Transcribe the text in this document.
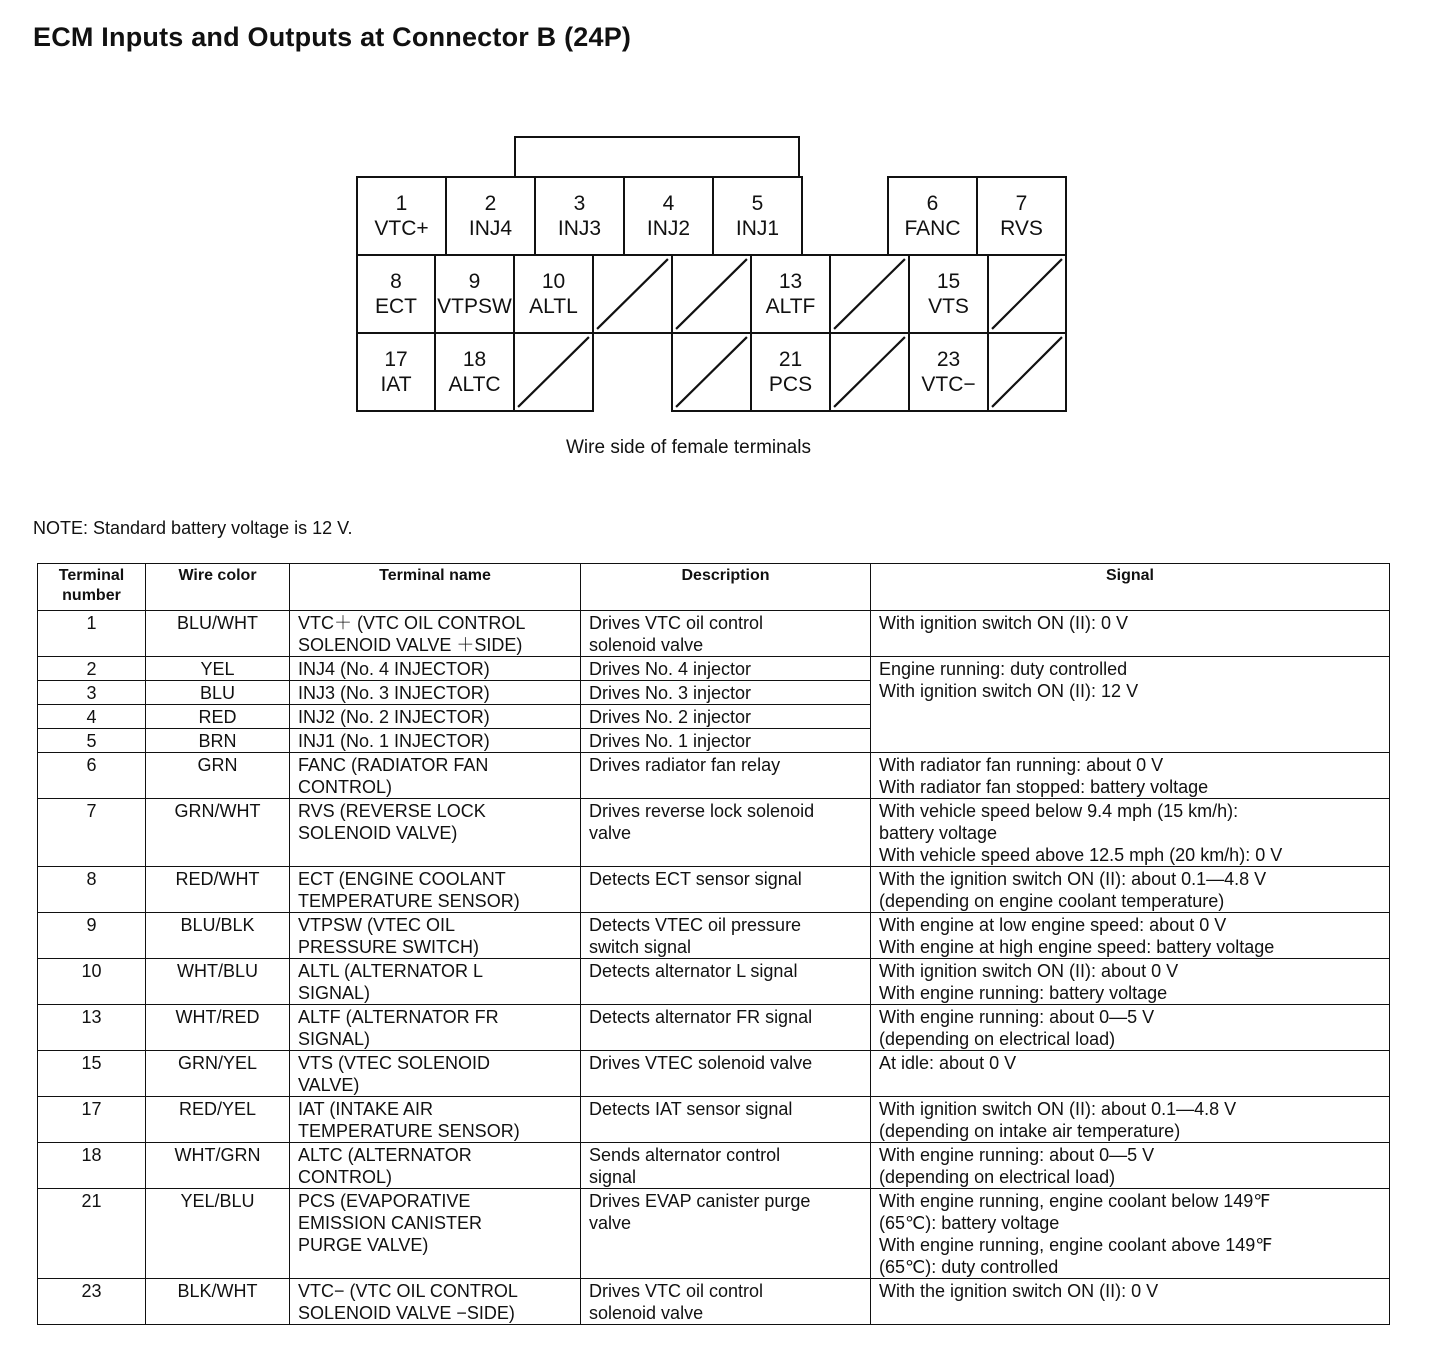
ECM Inputs and Outputs at Connector B (24P)
1
VTC+
2
INJ4
3
INJ3
4
INJ2
5
INJ1
6
FANC
7
RVS
8
ECT
9
VTPSW
10
ALTL
13
ALTF
15
VTS
17
IAT
18
ALTC
21
PCS
23
VTC−
Wire side of female terminals
NOTE: Standard battery voltage is 12 V.
Terminal
number	Wire color	Terminal name	Description	Signal
1	BLU/WHT	VTC＋ (VTC OIL CONTROL
SOLENOID VALVE ＋SIDE)	Drives VTC oil control
solenoid valve	With ignition switch ON (II): 0 V

2	YEL	INJ4 (No. 4 INJECTOR)	Drives No. 4 injector	Engine running: duty controlled
With ignition switch ON (II): 12 V

3	BLU	INJ3 (No. 3 INJECTOR)	Drives No. 3 injector	
4	RED	INJ2 (No. 2 INJECTOR)	Drives No. 2 injector	
5	BRN	INJ1 (No. 1 INJECTOR)	Drives No. 1 injector	
6	GRN	FANC (RADIATOR FAN
CONTROL)	Drives radiator fan relay	With radiator fan running: about 0 V
With radiator fan stopped: battery voltage

7	GRN/WHT	RVS (REVERSE LOCK
SOLENOID VALVE)	Drives reverse lock solenoid
valve	With vehicle speed below 9.4 mph (15 km/h):
battery voltage
With vehicle speed above 12.5 mph (20 km/h): 0 V

8	RED/WHT	ECT (ENGINE COOLANT
TEMPERATURE SENSOR)	Detects ECT sensor signal	With the ignition switch ON (II): about 0.1—4.8 V
(depending on engine coolant temperature)

9	BLU/BLK	VTPSW (VTEC OIL
PRESSURE SWITCH)	Detects VTEC oil pressure
switch signal	With engine at low engine speed: about 0 V
With engine at high engine speed: battery voltage

10	WHT/BLU	ALTL (ALTERNATOR L
SIGNAL)	Detects alternator L signal	With ignition switch ON (II): about 0 V
With engine running: battery voltage

13	WHT/RED	ALTF (ALTERNATOR FR
SIGNAL)	Detects alternator FR signal	With engine running: about 0—5 V
(depending on electrical load)

15	GRN/YEL	VTS (VTEC SOLENOID
VALVE)	Drives VTEC solenoid valve	At idle: about 0 V
17	RED/YEL	IAT (INTAKE AIR
TEMPERATURE SENSOR)	Detects IAT sensor signal	With ignition switch ON (II): about 0.1—4.8 V
(depending on intake air temperature)

18	WHT/GRN	ALTC (ALTERNATOR
CONTROL)	Sends alternator control
signal	With engine running: about 0—5 V
(depending on electrical load)

21	YEL/BLU	PCS (EVAPORATIVE
EMISSION CANISTER
PURGE VALVE)	Drives EVAP canister purge
valve	With engine running, engine coolant below 149℉
(65℃): battery voltage
With engine running, engine coolant above 149℉
(65℃): duty controlled

23	BLK/WHT	VTC− (VTC OIL CONTROL
SOLENOID VALVE −SIDE)	Drives VTC oil control
solenoid valve	With the ignition switch ON (II): 0 V
